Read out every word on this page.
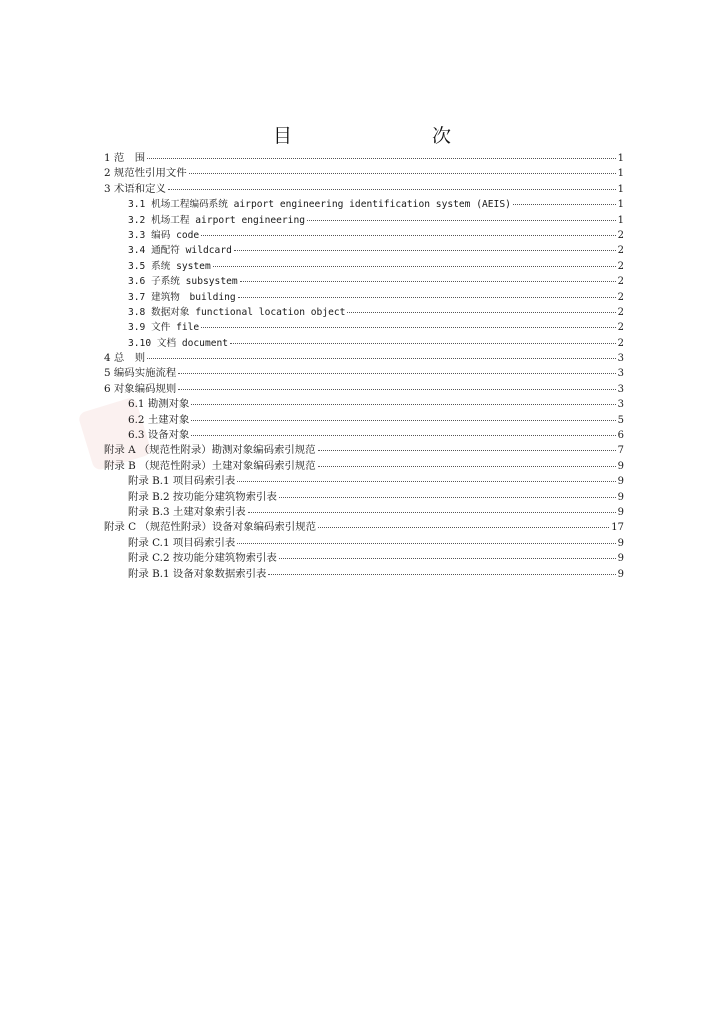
目　　次
1 范　围	1
2 规范性引用文件	1
3 术语和定义	1
3.1 机场工程编码系统 airport engineering identification system (AEIS)	1
3.2 机场工程 airport engineering	1
3.3 编码 code	2
3.4 通配符 wildcard	2
3.5 系统 system	2
3.6 子系统 subsystem	2
3.7 建筑物　building	2
3.8 数据对象 functional location object	2
3.9 文件 file	2
3.10 文档 document	2
4 总　则	3
5 编码实施流程	3
6 对象编码规则	3
6.1 勘测对象	3
6.2 土建对象	5
6.3 设备对象	6
附录 A （规范性附录）勘测对象编码索引规范	7
附录 B （规范性附录）土建对象编码索引规范	9
附录 B.1 项目码索引表	9
附录 B.2 按功能分建筑物索引表	9
附录 B.3 土建对象索引表	9
附录 C （规范性附录）设备对象编码索引规范	17
附录 C.1 项目码索引表	9
附录 C.2 按功能分建筑物索引表	9
附录 B.1 设备对象数据索引表	9
